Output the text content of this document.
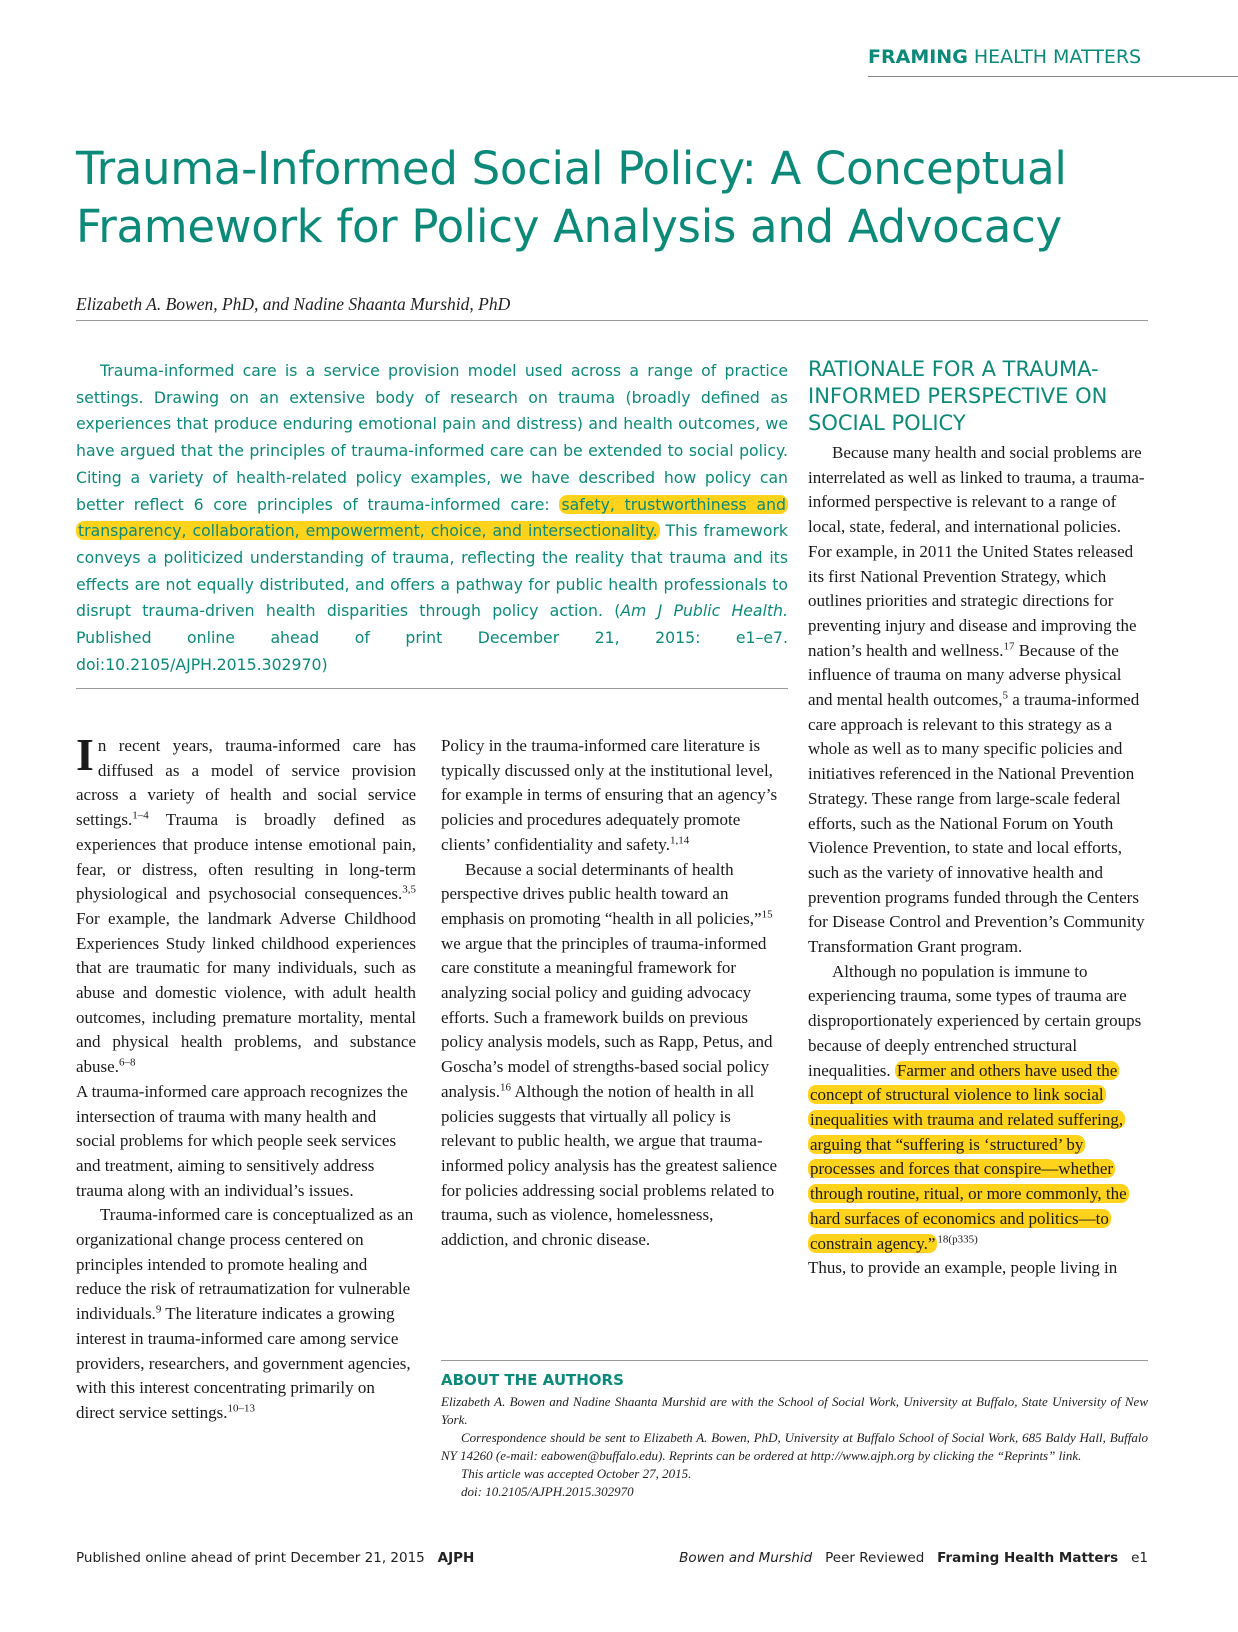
FRAMING HEALTH MATTERS
Trauma-Informed Social Policy: A Conceptual Framework for Policy Analysis and Advocacy
Elizabeth A. Bowen, PhD, and Nadine Shaanta Murshid, PhD
Trauma-informed care is a service provision model used across a range of practice settings. Drawing on an extensive body of research on trauma (broadly defined as experiences that produce enduring emotional pain and distress) and health outcomes, we have argued that the principles of trauma-informed care can be extended to social policy. Citing a variety of health-related policy examples, we have described how policy can better reflect 6 core principles of trauma-informed care: safety, trustworthiness and transparency, collaboration, empowerment, choice, and intersectionality. This framework conveys a politicized understanding of trauma, reflecting the reality that trauma and its effects are not equally distributed, and offers a pathway for public health professionals to disrupt trauma-driven health disparities through policy action. (Am J Public Health. Published online ahead of print December 21, 2015: e1–e7. doi:10.2105/AJPH.2015.302970)

In recent years, trauma-informed care has diffused as a model of service provision across a variety of health and social service settings.$^{1-4}$ Trauma is broadly defined as experiences that produce intense emotional pain, fear, or distress, often resulting in long-term physiological and psychosocial consequences.$^{3,5}$ For example, the landmark Adverse Childhood Experiences Study linked childhood experiences that are traumatic for many individuals, such as abuse and domestic violence, with adult health outcomes, including premature mortality, mental and physical health problems, and substance abuse.$^{6-8}$

A trauma-informed care approach recognizes the intersection of trauma with many health and social problems for which people seek services and treatment, aiming to sensitively address trauma along with an individual’s issues.

Trauma-informed care is conceptualized as an organizational change process centered on principles intended to promote healing and reduce the risk of retraumatization for vulnerable individuals.$^9$ The literature indicates a growing interest in trauma-informed care among service providers, researchers, and government agencies, with this interest concentrating primarily on direct service settings.$^{10-13}$

Policy in the trauma-informed care literature is typically discussed only at the institutional level, for example in terms of ensuring that an agency’s policies and procedures adequately promote clients’ confidentiality and safety.$^{1,14}$

Because a social determinants of health perspective drives public health toward an emphasis on promoting “health in all policies,”$^{15}$ we argue that the principles of trauma-informed care constitute a meaningful framework for analyzing social policy and guiding advocacy efforts. Such a framework builds on previous policy analysis models, such as Rapp, Petus, and Goscha’s model of strengths-based social policy analysis.$^{16}$ Although the notion of health in all policies suggests that virtually all policy is relevant to public health, we argue that trauma-informed policy analysis has the greatest salience for policies addressing social problems related to trauma, such as violence, homelessness, addiction, and chronic disease.

RATIONALE FOR A TRAUMA-INFORMED PERSPECTIVE ON SOCIAL POLICY

Because many health and social problems are interrelated as well as linked to trauma, a trauma-informed perspective is relevant to a range of local, state, federal, and international policies. For example, in 2011 the United States released its first National Prevention Strategy, which outlines priorities and strategic directions for preventing injury and disease and improving the nation’s health and wellness.$^{17}$ Because of the influence of trauma on many adverse physical and mental health outcomes,$^5$ a trauma-informed care approach is relevant to this strategy as a whole as well as to many specific policies and initiatives referenced in the National Prevention Strategy. These range from large-scale federal efforts, such as the National Forum on Youth Violence Prevention, to state and local efforts, such as the variety of innovative health and prevention programs funded through the Centers for Disease Control and Prevention’s Community Transformation Grant program.

Although no population is immune to experiencing trauma, some types of trauma are disproportionately experienced by certain groups because of deeply entrenched structural inequalities. Farmer and others have used the concept of structural violence to link social inequalities with trauma and related suffering, arguing that “suffering is ‘structured’ by processes and forces that conspire—whether through routine, ritual, or more commonly, the hard surfaces of economics and politics—to constrain agency.” $^{18(p335)}$

Thus, to provide an example, people living in

ABOUT THE AUTHORS

Elizabeth A. Bowen and Nadine Shaanta Murshid are with the School of Social Work, University at Buffalo, State University of New York.

Correspondence should be sent to Elizabeth A. Bowen, PhD, University at Buffalo School of Social Work, 685 Baldy Hall, Buffalo NY 14260 (e-mail: eabowen@buffalo.edu). Reprints can be ordered at http://www.ajph.org by clicking the “Reprints” link.

This article was accepted October 27, 2015.

doi: 10.2105/AJPH.2015.302970

Published online ahead of print December 21, 2015 AJPH	Bowen and Murshid Peer Reviewed Framing Health Matters e1
